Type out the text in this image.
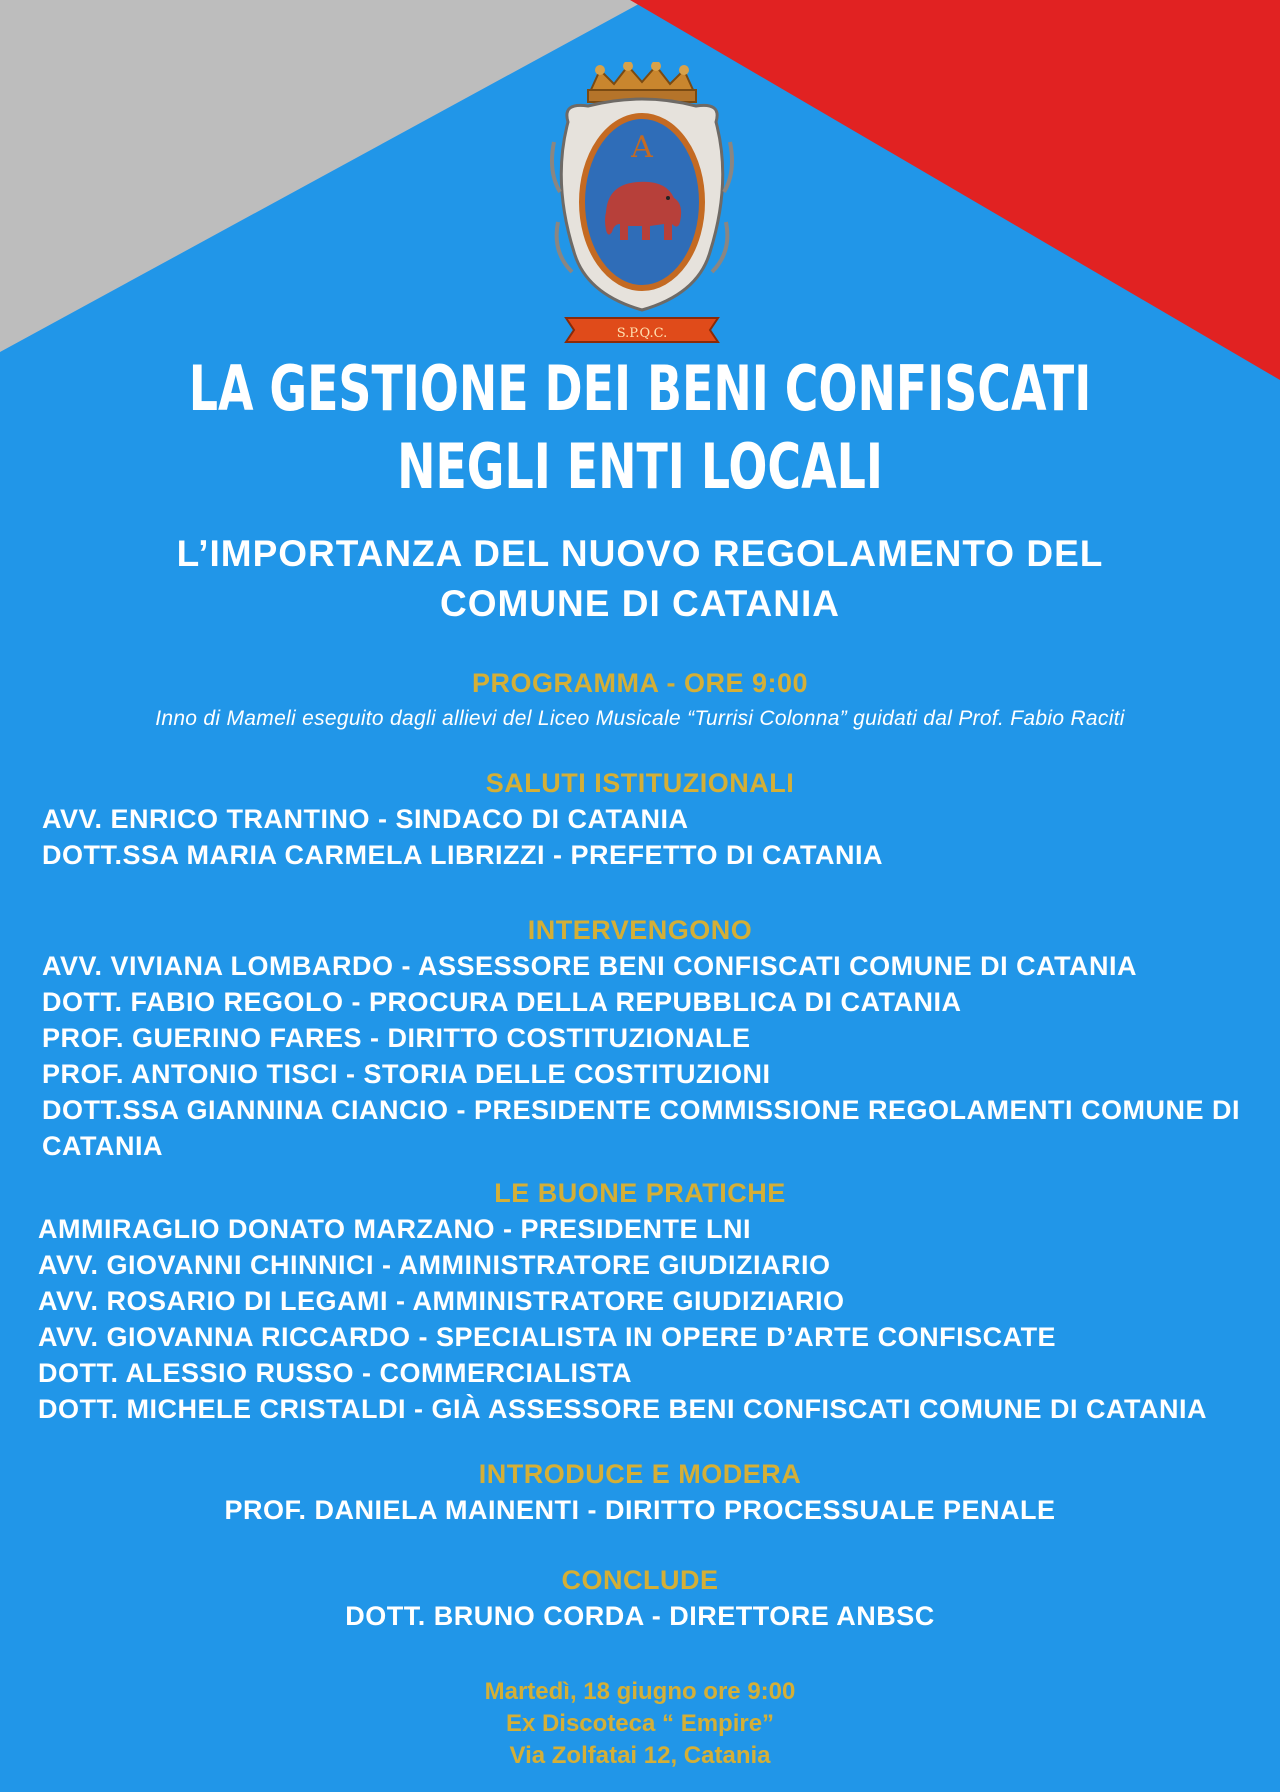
A
S.P.Q.C.
LA GESTIONE DEI BENI CONFISCATI
NEGLI ENTI LOCALI
L’IMPORTANZA DEL NUOVO REGOLAMENTO DEL
COMUNE DI CATANIA
PROGRAMMA - ORE 9:00
Inno di Mameli eseguito dagli allievi del Liceo Musicale “Turrisi Colonna” guidati dal Prof. Fabio Raciti
SALUTI ISTITUZIONALI
AVV. ENRICO TRANTINO - SINDACO DI CATANIA
DOTT.SSA MARIA CARMELA LIBRIZZI - PREFETTO DI CATANIA
INTERVENGONO
AVV. VIVIANA LOMBARDO - ASSESSORE BENI CONFISCATI COMUNE DI CATANIA
DOTT. FABIO REGOLO - PROCURA DELLA REPUBBLICA DI CATANIA
PROF. GUERINO FARES - DIRITTO COSTITUZIONALE
PROF. ANTONIO TISCI - STORIA DELLE COSTITUZIONI
DOTT.SSA GIANNINA CIANCIO - PRESIDENTE COMMISSIONE REGOLAMENTI COMUNE DI CATANIA
LE BUONE PRATICHE
AMMIRAGLIO DONATO MARZANO - PRESIDENTE LNI
AVV. GIOVANNI CHINNICI - AMMINISTRATORE GIUDIZIARIO
AVV. ROSARIO DI LEGAMI - AMMINISTRATORE GIUDIZIARIO
AVV. GIOVANNA RICCARDO - SPECIALISTA IN OPERE D’ARTE CONFISCATE
DOTT. ALESSIO RUSSO - COMMERCIALISTA
DOTT. MICHELE CRISTALDI - GIÀ ASSESSORE BENI CONFISCATI COMUNE DI CATANIA
INTRODUCE E MODERA
PROF. DANIELA MAINENTI - DIRITTO PROCESSUALE PENALE
CONCLUDE
DOTT. BRUNO CORDA - DIRETTORE ANBSC
Martedì, 18 giugno ore 9:00
Ex Discoteca “ Empire”
Via Zolfatai 12, Catania
